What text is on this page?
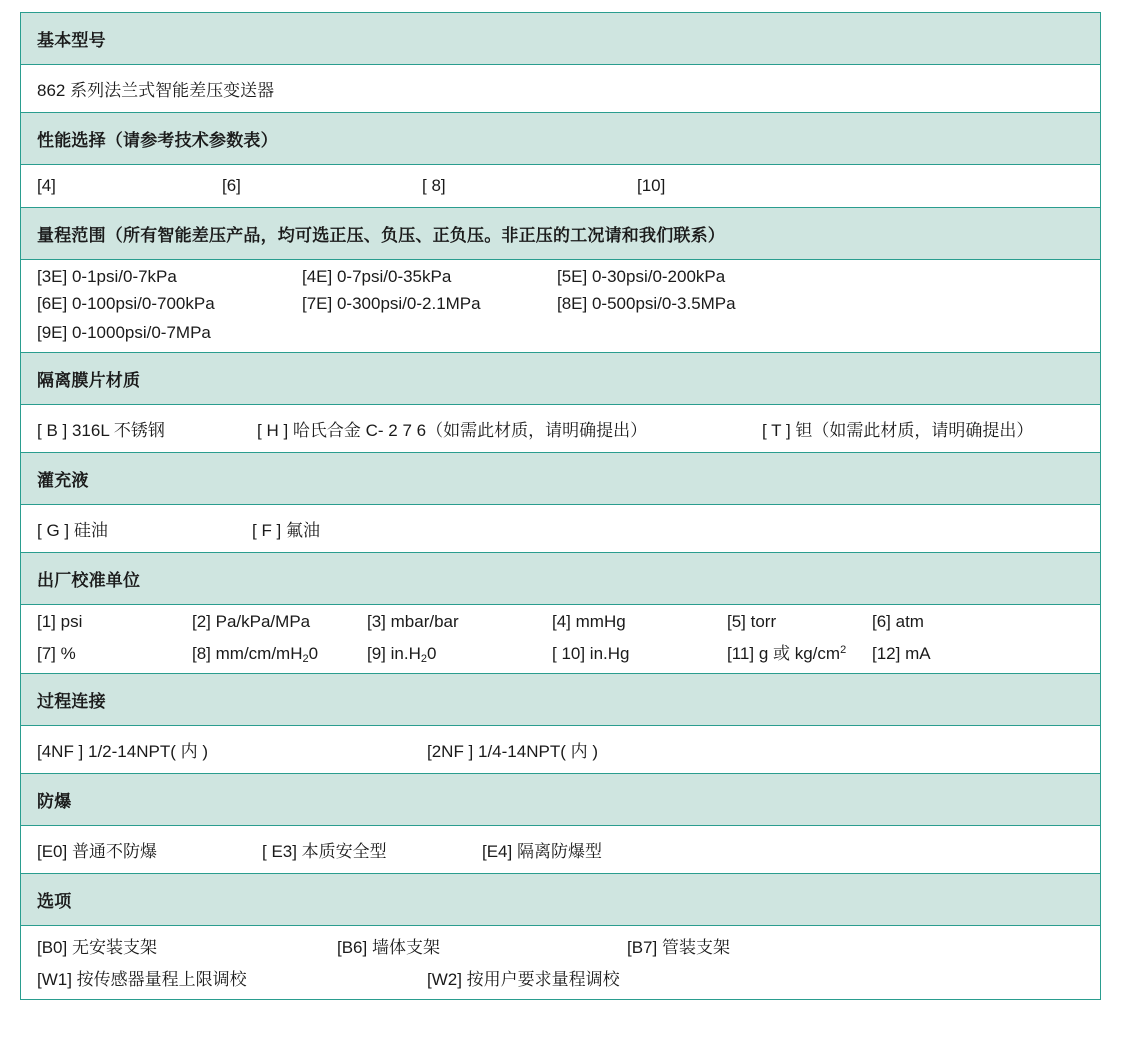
基本型号
862 系列法兰式智能差压变送器
性能选择（请参考技术参数表）
[4]	[6]	[ 8]	[10]
量程范围（所有智能差压产品，均可选正压、负压、正负压。非正压的工况请和我们联系）
[3E] 0-1psi/0-7kPa	[4E] 0-7psi/0-35kPa	[5E] 0-30psi/0-200kPa
[6E] 0-100psi/0-700kPa	[7E] 0-300psi/0-2.1MPa	[8E] 0-500psi/0-3.5MPa
[9E] 0-1000psi/0-7MPa
隔离膜片材质
[ B ] 316L 不锈钢	[ H ] 哈氏合金 C- 2 7 6（如需此材质，请明确提出）	[ T ] 钽（如需此材质，请明确提出）
灌充液
[ G ] 硅油	[ F ] 氟油
出厂校准单位
[1] psi	[2] Pa/kPa/MPa	[3] mbar/bar	[4] mmHg	[5] torr	[6] atm
[7] %	[8] $mm/cm/mH_20$	[9] $in.H_20$	[ 10] in.Hg	[11] g 或 $kg/cm^2$	[12] mA
过程连接
[4NF ] 1/2-14NPT( 内 )	[2NF ] 1/4-14NPT( 内 )
防爆
[E0] 普通不防爆	[ E3] 本质安全型	[E4] 隔离防爆型
选项
[B0] 无安装支架	[B6] 墙体支架	[B7] 管装支架
[W1] 按传感器量程上限调校	[W2] 按用户要求量程调校
